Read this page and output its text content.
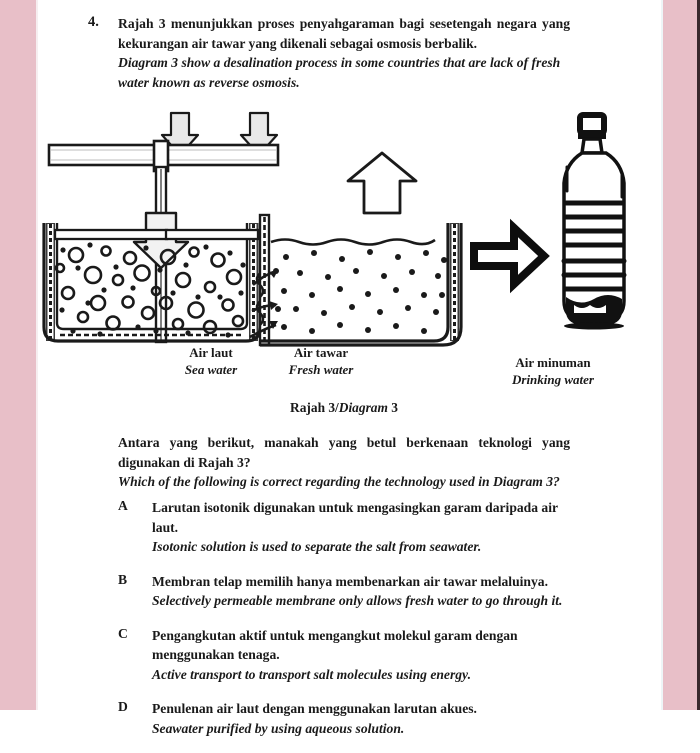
4. Rajah 3 menunjukkan proses penyahgaraman bagi sesetengah negara yang kekurangan air tawar yang dikenali sebagai osmosis berbalik.
Diagram 3 show a desalination process in some countries that are lack of fresh water known as reverse osmosis.
Air laut
Sea water
Air tawar
Fresh water	Air minuman
Drinking water
Rajah 3/Diagram 3
Antara yang berikut, manakah yang betul berkenaan teknologi yang digunakan di Rajah 3?
Which of the following is correct regarding the technology used in Diagram 3?
A Larutan isotonik digunakan untuk mengasingkan garam daripada air laut.
Isotonic solution is used to separate the salt from seawater.
B Membran telap memilih hanya membenarkan air tawar melaluinya.
Selectively permeable membrane only allows fresh water to go through it.
C Pengangkutan aktif untuk mengangkut molekul garam dengan menggunakan tenaga.
Active transport to transport salt molecules using energy.
D Penulenan air laut dengan menggunakan larutan akues.
Seawater purified by using aqueous solution.
